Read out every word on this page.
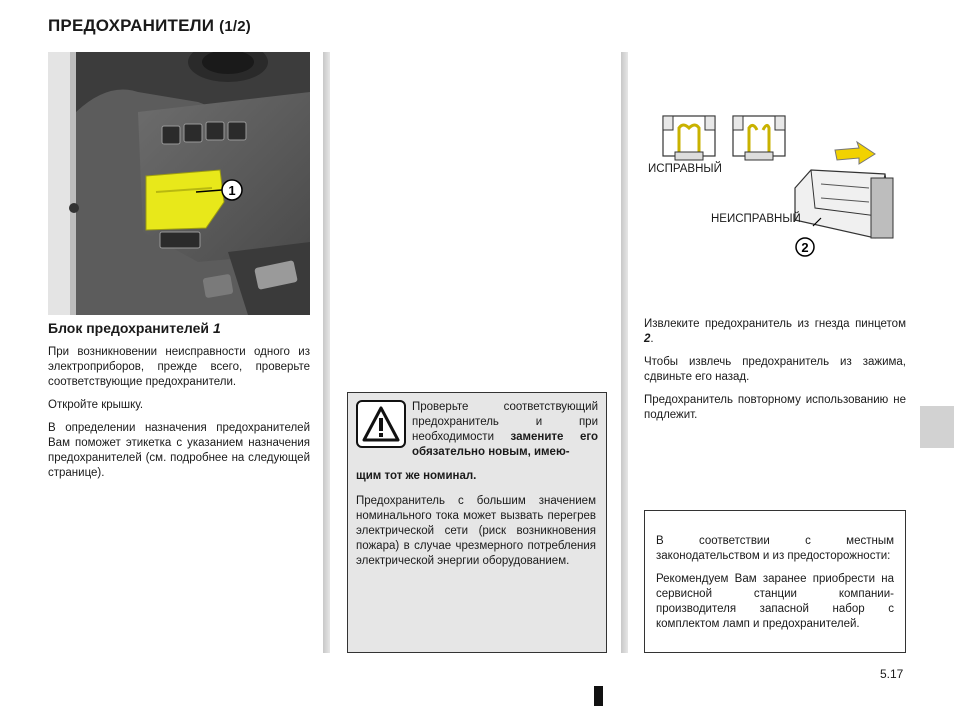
ПРЕДОХРАНИТЕЛИ (1/2)
1
Блок предохранителей 1

При возникновении неисправности одного из электроприборов, прежде всего, проверьте соответствующие предохранители.

Откройте крышку.

В определении назначения предохранителей Вам поможет этикетка с указанием назначения предохранителей (см. подробнее на следующей странице).

Проверьте соответствующий предохранитель и при необходимости замените его обязательно новым, имею-
щим тот же номинал.
Предохранитель с большим значением номинального тока может вызвать перегрев электрической сети (риск возникновения пожара) в случае чрезмерного потребления электрической энергии оборудованием.
2
ИСПРАВНЫЙ
НЕИСПРАВНЫЙ

Извлеките предохранитель из гнезда пинцетом 2.

Чтобы извлечь предохранитель из зажима, сдвиньте его назад.

Предохранитель повторному использованию не подлежит.

В соответствии с местным законодательством и из предосторожности:

Рекомендуем Вам заранее приобрести на сервисной станции компании-производителя запасной набор с комплектом ламп и предохранителей.

5.17
